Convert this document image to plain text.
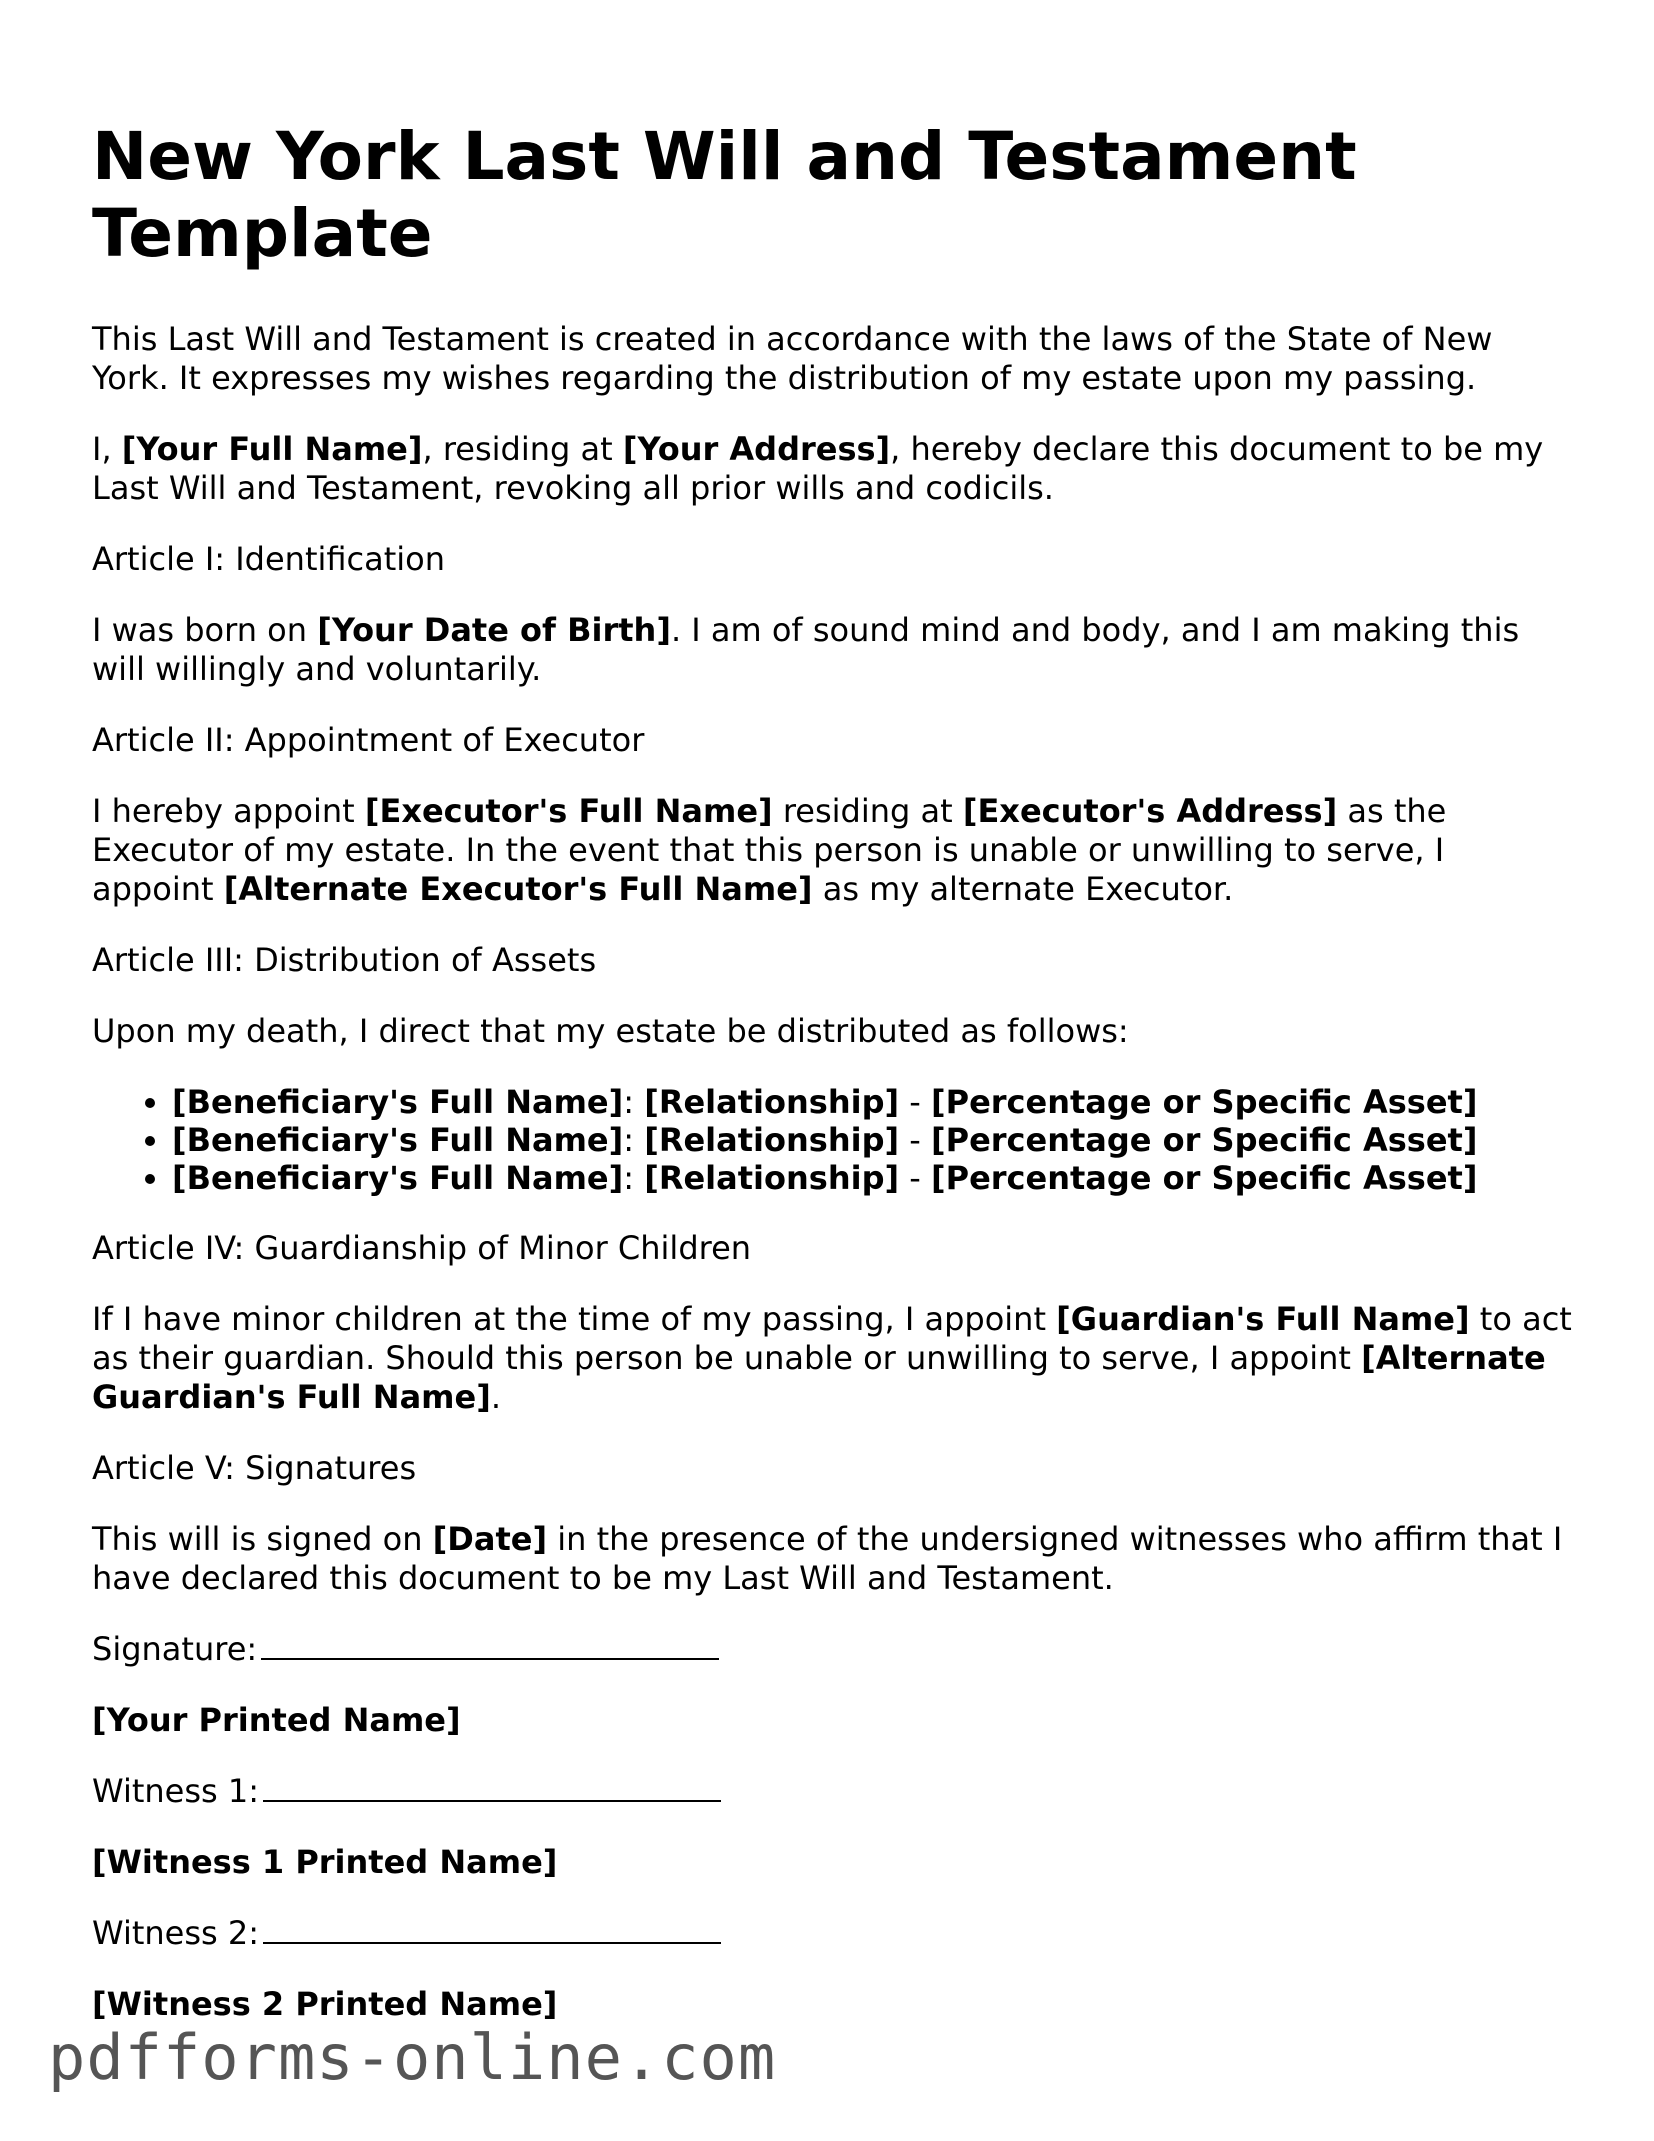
New York Last Will and Testament Template

This Last Will and Testament is created in accordance with the laws of the State of New York. It expresses my wishes regarding the distribution of my estate upon my passing.

I, [Your Full Name], residing at [Your Address], hereby declare this document to be my Last Will and Testament, revoking all prior wills and codicils.

Article I: Identification

I was born on [Your Date of Birth]. I am of sound mind and body, and I am making this will willingly and voluntarily.

Article II: Appointment of Executor

I hereby appoint [Executor's Full Name] residing at [Executor's Address] as the Executor of my estate. In the event that this person is unable or unwilling to serve, I appoint [Alternate Executor's Full Name] as my alternate Executor.

Article III: Distribution of Assets

Upon my death, I direct that my estate be distributed as follows:

• [Beneficiary's Full Name]: [Relationship] - [Percentage or Specific Asset]
• [Beneficiary's Full Name]: [Relationship] - [Percentage or Specific Asset]
• [Beneficiary's Full Name]: [Relationship] - [Percentage or Specific Asset]

Article IV: Guardianship of Minor Children

If I have minor children at the time of my passing, I appoint [Guardian's Full Name] to act as their guardian. Should this person be unable or unwilling to serve, I appoint [Alternate Guardian's Full Name].

Article V: Signatures

This will is signed on [Date] in the presence of the undersigned witnesses who affirm that I have declared this document to be my Last Will and Testament.

Signature:

[Your Printed Name]

Witness 1:

[Witness 1 Printed Name]

Witness 2:

[Witness 2 Printed Name]

pdfforms-online.com
